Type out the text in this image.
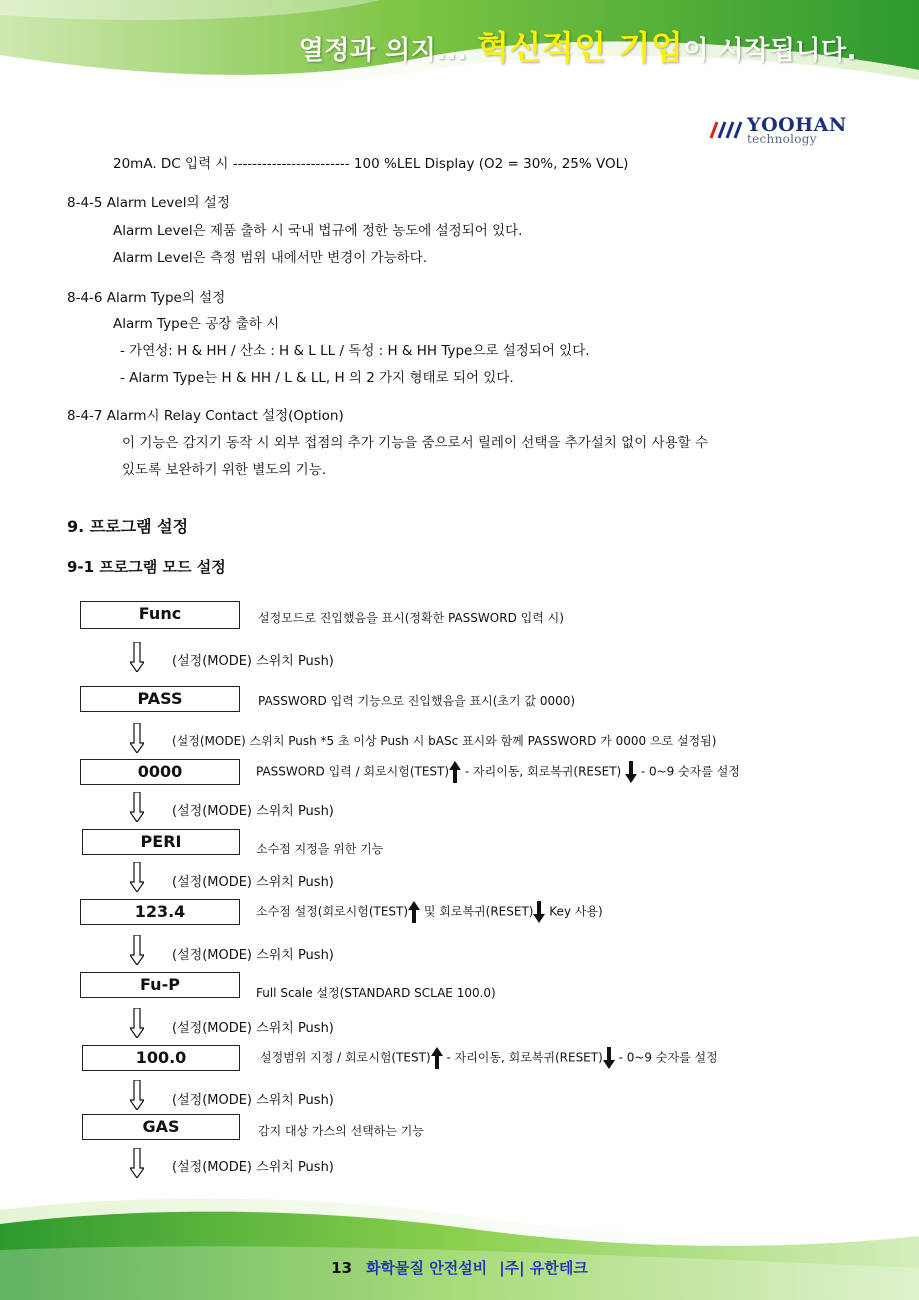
열정과 의지... 혁신적인 기업이 시작됩니다.
YOOHAN
technology
20mA. DC 입력 시 ------------------------ 100 %LEL Display (O2 = 30%, 25% VOL)
8-4-5 Alarm Level의 설정
Alarm Level은 제품 출하 시 국내 법규에 정한 농도에 설정되어 있다.
Alarm Level은 측정 범위 내에서만 변경이 가능하다.
8-4-6 Alarm Type의 설정
Alarm Type은 공장 출하 시
- 가연성: H & HH / 산소 : H & L LL / 독성 : H & HH Type으로 설정되어 있다.
- Alarm Type는 H & HH / L & LL, H 의 2 가지 형태로 되어 있다.
8-4-7 Alarm시 Relay Contact 설정(Option)
이 기능은 감지기 동작 시 외부 접점의 추가 기능을 줌으로서 릴레이 선택을 추가설치 없이 사용할 수
있도록 보완하기 위한 별도의 기능.
9. 프로그램 설정
9-1 프로그램 모드 설정
Func	설정모드로 진입했음을 표시(정확한 PASSWORD 입력 시)
(설정(MODE) 스위치 Push)
PASS	PASSWORD 입력 기능으로 진입했음을 표시(초기 값 0000)
(설정(MODE) 스위치 Push *5 초 이상 Push 시 bASc 표시와 함께 PASSWORD 가 0000 으로 설정됨)
0000	PASSWORD 입력 / 회로시험(TEST) - 자리이동, 회로복귀(RESET)  - 0~9 숫자를 설정
(설정(MODE) 스위치 Push)
PERI	소수점 지정을 위한 기능
(설정(MODE) 스위치 Push)
123.4	소수점 설정(회로시험(TEST) 및 회로복귀(RESET) Key 사용)
(설정(MODE) 스위치 Push)
Fu-P	Full Scale 설정(STANDARD SCLAE 100.0)
(설정(MODE) 스위치 Push)
100.0	설정범위 지정 / 회로시험(TEST) - 자리이동, 회로복귀(RESET) - 0~9 숫자를 설정
(설정(MODE) 스위치 Push)
GAS	감지 대상 가스의 선택하는 기능
(설정(MODE) 스위치 Push)
13 화학물질 안전설비 |주| 유한테크
